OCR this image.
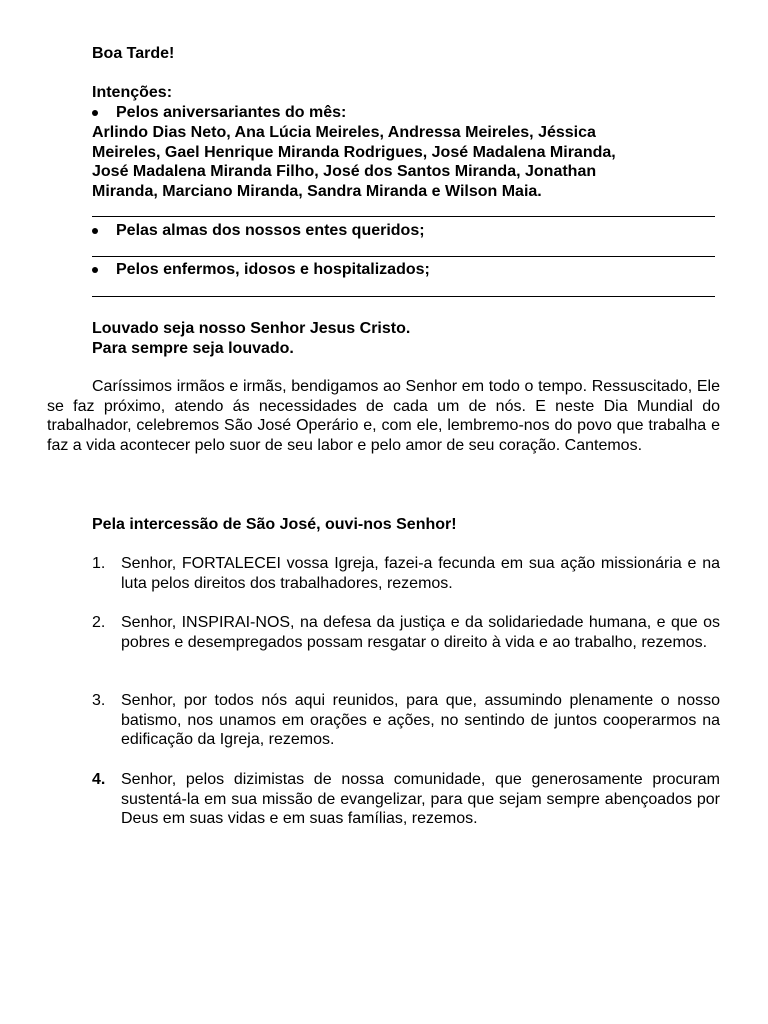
Boa Tarde!
Intenções:
Pelos aniversariantes do mês:
Arlindo Dias Neto, Ana Lúcia Meireles, Andressa Meireles, Jéssica
Meireles, Gael Henrique Miranda Rodrigues, José Madalena Miranda,
José Madalena Miranda Filho, José dos Santos Miranda, Jonathan
Miranda, Marciano Miranda, Sandra Miranda e Wilson Maia.
Pelas almas dos nossos entes queridos;
Pelos enfermos, idosos e hospitalizados;
Louvado seja nosso Senhor Jesus Cristo.
Para sempre seja louvado.
Caríssimos irmãos e irmãs, bendigamos ao Senhor em todo o tempo. Ressuscitado, Ele se faz próximo, atendo ás necessidades de cada um de nós. E neste Dia Mundial do trabalhador, celebremos São José Operário e, com ele, lembremo-nos do povo que trabalha e faz a vida acontecer pelo suor de seu labor e pelo amor de seu coração. Cantemos.
Pela intercessão de São José, ouvi-nos Senhor!
1. Senhor, FORTALECEI vossa Igreja, fazei-a fecunda em sua ação missionária e na luta pelos direitos dos trabalhadores, rezemos.
2. Senhor, INSPIRAI-NOS, na defesa da justiça e da solidariedade humana, e que os pobres e desempregados possam resgatar o direito à vida e ao trabalho, rezemos.
3. Senhor, por todos nós aqui reunidos, para que, assumindo plenamente o nosso batismo, nos unamos em orações e ações, no sentindo de juntos cooperarmos na edificação da Igreja, rezemos.
4. Senhor, pelos dizimistas de nossa comunidade, que generosamente procuram sustentá-la em sua missão de evangelizar, para que sejam sempre abençoados por Deus em suas vidas e em suas famílias, rezemos.
